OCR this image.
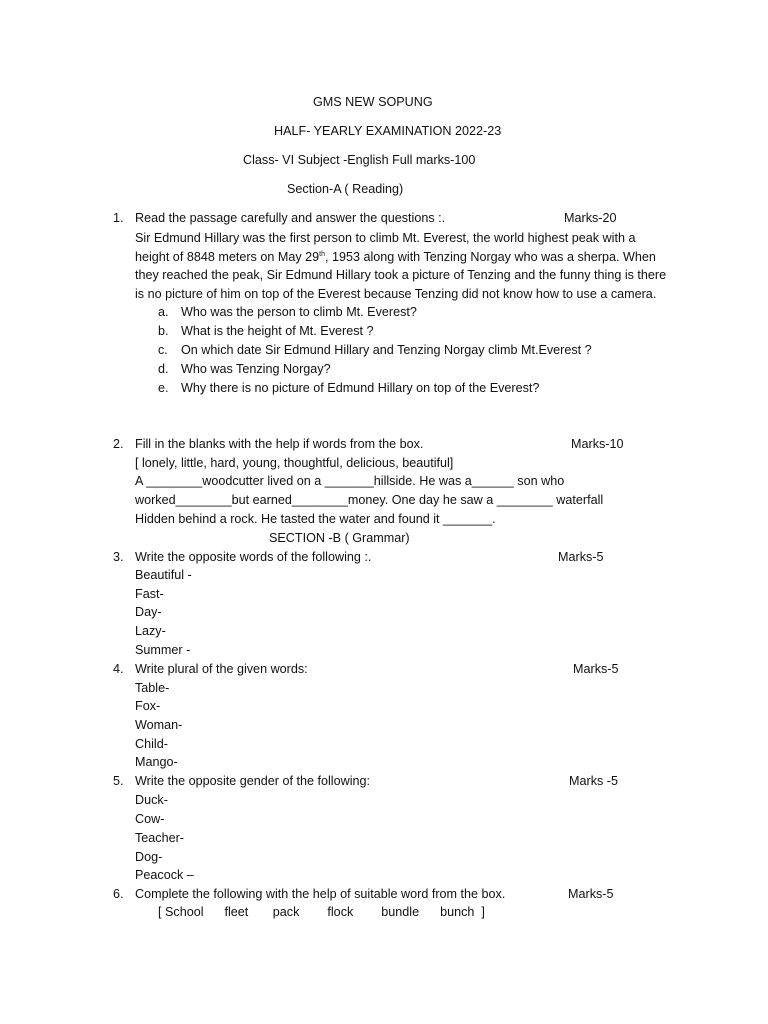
GMS NEW SOPUNG
HALF- YEARLY EXAMINATION 2022-23
Class- VI Subject -English Full marks-100
Section-A ( Reading)
1. Read the passage carefully and answer the questions :.	Marks-20
Sir Edmund Hillary was the first person to climb Mt. Everest, the world highest peak with a
height of 8848 meters on May 29th, 1953 along with Tenzing Norgay who was a sherpa. When
they reached the peak, Sir Edmund Hillary took a picture of Tenzing and the funny thing is there
is no picture of him on top of the Everest because Tenzing did not know how to use a camera.
a. Who was the person to climb Mt. Everest?
b. What is the height of Mt. Everest ?
c. On which date Sir Edmund Hillary and Tenzing Norgay climb Mt.Everest ?
d. Who was Tenzing Norgay?
e. Why there is no picture of Edmund Hillary on top of the Everest?
2. Fill in the blanks with the help if words from the box.	Marks-10
[ lonely, little, hard, young, thoughtful, delicious, beautiful]
A ________woodcutter lived on a _______hillside. He was a______ son who
worked________but earned________money. One day he saw a ________ waterfall
Hidden behind a rock. He tasted the water and found it _______.
SECTION -B ( Grammar)
3. Write the opposite words of the following :.	Marks-5
Beautiful -
Fast-
Day-
Lazy-
Summer -
4. Write plural of the given words:	Marks-5
Table-
Fox-
Woman-
Child-
Mango-
5. Write the opposite gender of the following:	Marks -5
Duck-
Cow-
Teacher-
Dog-
Peacock –
6. Complete the following with the help of suitable word from the box.	Marks-5
[ School      fleet       pack        flock        bundle      bunch  ]
